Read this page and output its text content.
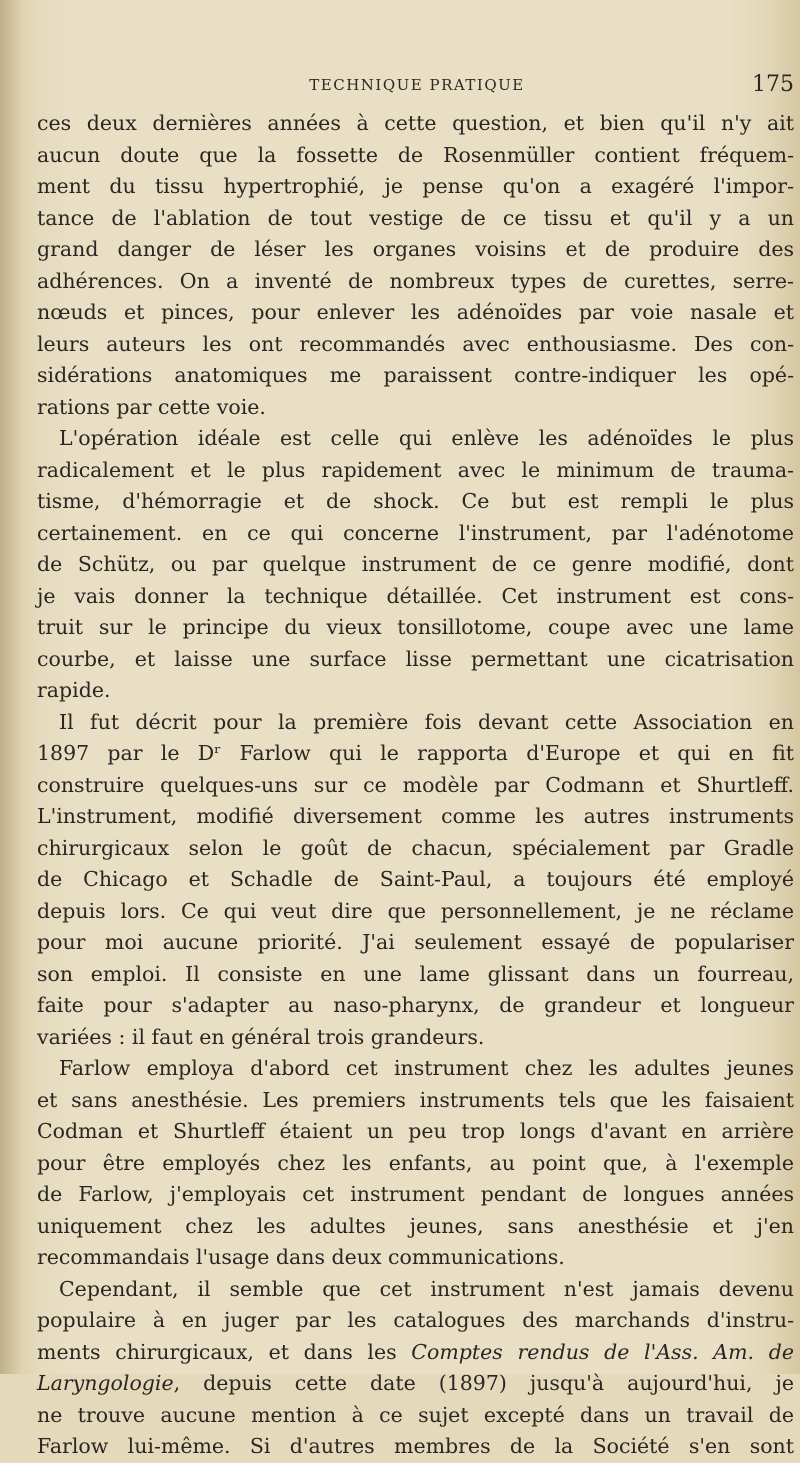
TECHNIQUE PRATIQUE	175
ces deux dernières années à cette question, et bien qu'il n'y ait
aucun doute que la fossette de Rosenmüller contient fréquem-
ment du tissu hypertrophié, je pense qu'on a exagéré l'impor-
tance de l'ablation de tout vestige de ce tissu et qu'il y a un
grand danger de léser les organes voisins et de produire des
adhérences. On a inventé de nombreux types de curettes, serre-
nœuds et pinces, pour enlever les adénoïdes par voie nasale et
leurs auteurs les ont recommandés avec enthousiasme. Des con-
sidérations anatomiques me paraissent contre-indiquer les opé-
rations par cette voie.
L'opération idéale est celle qui enlève les adénoïdes le plus
radicalement et le plus rapidement avec le minimum de trauma-
tisme, d'hémorragie et de shock. Ce but est rempli le plus
certainement. en ce qui concerne l'instrument, par l'adénotome
de Schütz, ou par quelque instrument de ce genre modifié, dont
je vais donner la technique détaillée. Cet instrument est cons-
truit sur le principe du vieux tonsillotome, coupe avec une lame
courbe, et laisse une surface lisse permettant une cicatrisation
rapide.
Il fut décrit pour la première fois devant cette Association en
1897 par le Dʳ Farlow qui le rapporta d'Europe et qui en fit
construire quelques-uns sur ce modèle par Codmann et Shurtleff.
L'instrument, modifié diversement comme les autres instruments
chirurgicaux selon le goût de chacun, spécialement par Gradle
de Chicago et Schadle de Saint-Paul, a toujours été employé
depuis lors. Ce qui veut dire que personnellement, je ne réclame
pour moi aucune priorité. J'ai seulement essayé de populariser
son emploi. Il consiste en une lame glissant dans un fourreau,
faite pour s'adapter au naso-pharynx, de grandeur et longueur
variées : il faut en général trois grandeurs.
Farlow employa d'abord cet instrument chez les adultes jeunes
et sans anesthésie. Les premiers instruments tels que les faisaient
Codman et Shurtleff étaient un peu trop longs d'avant en arrière
pour être employés chez les enfants, au point que, à l'exemple
de Farlow, j'employais cet instrument pendant de longues années
uniquement chez les adultes jeunes, sans anesthésie et j'en
recommandais l'usage dans deux communications.
Cependant, il semble que cet instrument n'est jamais devenu
populaire à en juger par les catalogues des marchands d'instru-
ments chirurgicaux, et dans les Comptes rendus de l'Ass. Am. de
Laryngologie, depuis cette date (1897) jusqu'à aujourd'hui, je
ne trouve aucune mention à ce sujet excepté dans un travail de
Farlow lui-même. Si d'autres membres de la Société s'en sont
